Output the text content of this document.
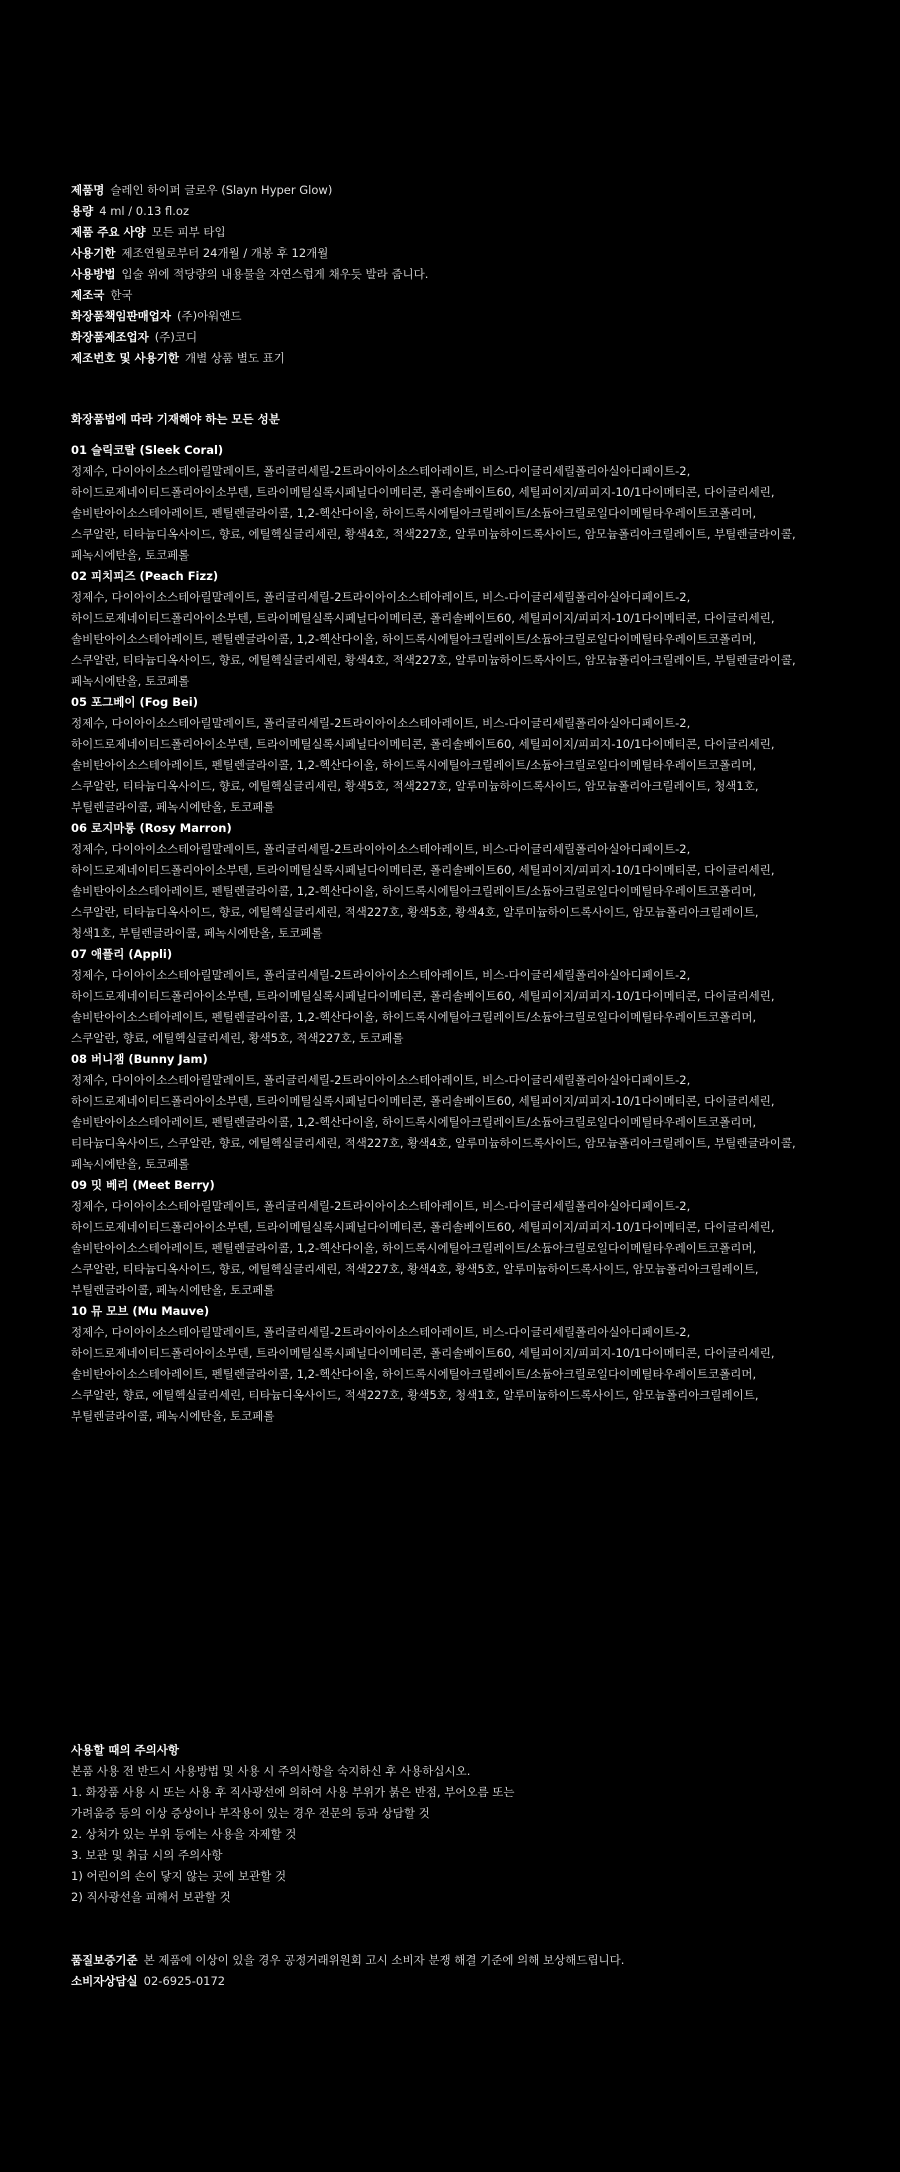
제품명 슬레인 하이퍼 글로우 (Slayn Hyper Glow)
용량 4 ml / 0.13 fl.oz
제품 주요 사양 모든 피부 타입
사용기한 제조연월로부터 24개월 / 개봉 후 12개월
사용방법 입술 위에 적당량의 내용물을 자연스럽게 채우듯 발라 줍니다.
제조국 한국
화장품책임판매업자 (주)아워앤드
화장품제조업자 (주)코디
제조번호 및 사용기한 개별 상품 별도 표기
화장품법에 따라 기재해야 하는 모든 성분
01 슬릭코랄 (Sleek Coral)
정제수, 다이아이소스테아릴말레이트, 폴리글리세릴-2트라이아이소스테아레이트, 비스-다이글리세릴폴리아실아디페이트-2,
하이드로제네이티드폴리아이소부텐, 트라이메틸실록시페닐다이메티콘, 폴리솔베이트60, 세틸피이지/피피지-10/1다이메티콘, 다이글리세린,
솔비탄아이소스테아레이트, 펜틸렌글라이콜, 1,2-헥산다이올, 하이드록시에틸아크릴레이트/소듐아크릴로일다이메틸타우레이트코폴리머,
스쿠알란, 티타늄디옥사이드, 향료, 에틸헥실글리세린, 황색4호, 적색227호, 알루미늄하이드록사이드, 암모늄폴리아크릴레이트, 부틸렌글라이콜,
페녹시에탄올, 토코페롤
02 피치피즈 (Peach Fizz)
정제수, 다이아이소스테아릴말레이트, 폴리글리세릴-2트라이아이소스테아레이트, 비스-다이글리세릴폴리아실아디페이트-2,
하이드로제네이티드폴리아이소부텐, 트라이메틸실록시페닐다이메티콘, 폴리솔베이트60, 세틸피이지/피피지-10/1다이메티콘, 다이글리세린,
솔비탄아이소스테아레이트, 펜틸렌글라이콜, 1,2-헥산다이올, 하이드록시에틸아크릴레이트/소듐아크릴로일다이메틸타우레이트코폴리머,
스쿠알란, 티타늄디옥사이드, 향료, 에틸헥실글리세린, 황색4호, 적색227호, 알루미늄하이드록사이드, 암모늄폴리아크릴레이트, 부틸렌글라이콜,
페녹시에탄올, 토코페롤
05 포그베이 (Fog Bei)
정제수, 다이아이소스테아릴말레이트, 폴리글리세릴-2트라이아이소스테아레이트, 비스-다이글리세릴폴리아실아디페이트-2,
하이드로제네이티드폴리아이소부텐, 트라이메틸실록시페닐다이메티콘, 폴리솔베이트60, 세틸피이지/피피지-10/1다이메티콘, 다이글리세린,
솔비탄아이소스테아레이트, 펜틸렌글라이콜, 1,2-헥산다이올, 하이드록시에틸아크릴레이트/소듐아크릴로일다이메틸타우레이트코폴리머,
스쿠알란, 티타늄디옥사이드, 향료, 에틸헥실글리세린, 황색5호, 적색227호, 알루미늄하이드록사이드, 암모늄폴리아크릴레이트, 청색1호,
부틸렌글라이콜, 페녹시에탄올, 토코페롤
06 로지마롱 (Rosy Marron)
정제수, 다이아이소스테아릴말레이트, 폴리글리세릴-2트라이아이소스테아레이트, 비스-다이글리세릴폴리아실아디페이트-2,
하이드로제네이티드폴리아이소부텐, 트라이메틸실록시페닐다이메티콘, 폴리솔베이트60, 세틸피이지/피피지-10/1다이메티콘, 다이글리세린,
솔비탄아이소스테아레이트, 펜틸렌글라이콜, 1,2-헥산다이올, 하이드록시에틸아크릴레이트/소듐아크릴로일다이메틸타우레이트코폴리머,
스쿠알란, 티타늄디옥사이드, 향료, 에틸헥실글리세린, 적색227호, 황색5호, 황색4호, 알루미늄하이드록사이드, 암모늄폴리아크릴레이트,
청색1호, 부틸렌글라이콜, 페녹시에탄올, 토코페롤
07 애플리 (Appli)
정제수, 다이아이소스테아릴말레이트, 폴리글리세릴-2트라이아이소스테아레이트, 비스-다이글리세릴폴리아실아디페이트-2,
하이드로제네이티드폴리아이소부텐, 트라이메틸실록시페닐다이메티콘, 폴리솔베이트60, 세틸피이지/피피지-10/1다이메티콘, 다이글리세린,
솔비탄아이소스테아레이트, 펜틸렌글라이콜, 1,2-헥산다이올, 하이드록시에틸아크릴레이트/소듐아크릴로일다이메틸타우레이트코폴리머,
스쿠알란, 향료, 에틸헥실글리세린, 황색5호, 적색227호, 토코페롤
08 버니잼 (Bunny Jam)
정제수, 다이아이소스테아릴말레이트, 폴리글리세릴-2트라이아이소스테아레이트, 비스-다이글리세릴폴리아실아디페이트-2,
하이드로제네이티드폴리아이소부텐, 트라이메틸실록시페닐다이메티콘, 폴리솔베이트60, 세틸피이지/피피지-10/1다이메티콘, 다이글리세린,
솔비탄아이소스테아레이트, 펜틸렌글라이콜, 1,2-헥산다이올, 하이드록시에틸아크릴레이트/소듐아크릴로일다이메틸타우레이트코폴리머,
티타늄디옥사이드, 스쿠알란, 향료, 에틸헥실글리세린, 적색227호, 황색4호, 알루미늄하이드록사이드, 암모늄폴리아크릴레이트, 부틸렌글라이콜,
페녹시에탄올, 토코페롤
09 밋 베리 (Meet Berry)
정제수, 다이아이소스테아릴말레이트, 폴리글리세릴-2트라이아이소스테아레이트, 비스-다이글리세릴폴리아실아디페이트-2,
하이드로제네이티드폴리아이소부텐, 트라이메틸실록시페닐다이메티콘, 폴리솔베이트60, 세틸피이지/피피지-10/1다이메티콘, 다이글리세린,
솔비탄아이소스테아레이트, 펜틸렌글라이콜, 1,2-헥산다이올, 하이드록시에틸아크릴레이트/소듐아크릴로일다이메틸타우레이트코폴리머,
스쿠알란, 티타늄디옥사이드, 향료, 에틸헥실글리세린, 적색227호, 황색4호, 황색5호, 알루미늄하이드록사이드, 암모늄폴리아크릴레이트,
부틸렌글라이콜, 페녹시에탄올, 토코페롤
10 뮤 모브 (Mu Mauve)
정제수, 다이아이소스테아릴말레이트, 폴리글리세릴-2트라이아이소스테아레이트, 비스-다이글리세릴폴리아실아디페이트-2,
하이드로제네이티드폴리아이소부텐, 트라이메틸실록시페닐다이메티콘, 폴리솔베이트60, 세틸피이지/피피지-10/1다이메티콘, 다이글리세린,
솔비탄아이소스테아레이트, 펜틸렌글라이콜, 1,2-헥산다이올, 하이드록시에틸아크릴레이트/소듐아크릴로일다이메틸타우레이트코폴리머,
스쿠알란, 향료, 에틸헥실글리세린, 티타늄디옥사이드, 적색227호, 황색5호, 청색1호, 알루미늄하이드록사이드, 암모늄폴리아크릴레이트,
부틸렌글라이콜, 페녹시에탄올, 토코페롤
사용할 때의 주의사항
본품 사용 전 반드시 사용방법 및 사용 시 주의사항을 숙지하신 후 사용하십시오.
1. 화장품 사용 시 또는 사용 후 직사광선에 의하여 사용 부위가 붉은 반점, 부어오름 또는
가려움증 등의 이상 증상이나 부작용이 있는 경우 전문의 등과 상담할 것
2. 상처가 있는 부위 등에는 사용을 자제할 것
3. 보관 및 취급 시의 주의사항
1) 어린이의 손이 닿지 않는 곳에 보관할 것
2) 직사광선을 피해서 보관할 것
품질보증기준 본 제품에 이상이 있을 경우 공정거래위원회 고시 소비자 분쟁 해결 기준에 의해 보상해드립니다.
소비자상담실 02-6925-0172
